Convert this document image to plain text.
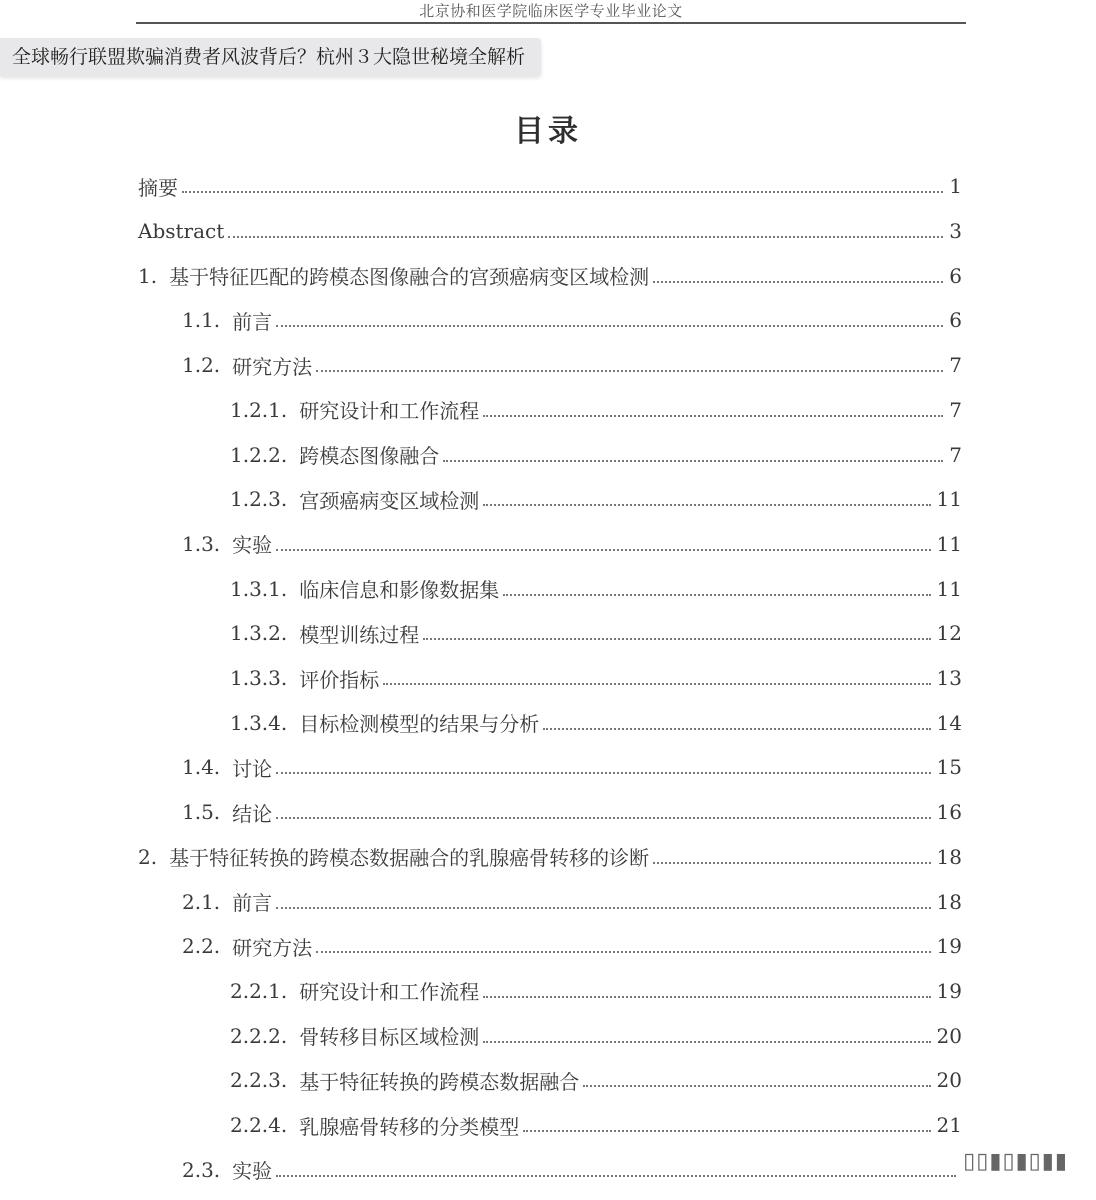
北京协和医学院临床医学专业毕业论文
全球畅行联盟欺骗消费者风波背后？杭州３大隐世秘境全解析
目录
摘要	1
Abstract	3
1. 基于特征匹配的跨模态图像融合的宫颈癌病变区域检测	6
1.1. 前言	6
1.2. 研究方法	7
1.2.1. 研究设计和工作流程	7
1.2.2. 跨模态图像融合	7
1.2.3. 宫颈癌病变区域检测	11
1.3. 实验	11
1.3.1. 临床信息和影像数据集	11
1.3.2. 模型训练过程	12
1.3.3. 评价指标	13
1.3.4. 目标检测模型的结果与分析	14
1.4. 讨论	15
1.5. 结论	16
2. 基于特征转换的跨模态数据融合的乳腺癌骨转移的诊断	18
2.1. 前言	18
2.2. 研究方法	19
2.2.1. 研究设计和工作流程	19
2.2.2. 骨转移目标区域检测	20
2.2.3. 基于特征转换的跨模态数据融合	20
2.2.4. 乳腺癌骨转移的分类模型	21
2.3. 实验	▯▯▮▯▮▯▮▮
